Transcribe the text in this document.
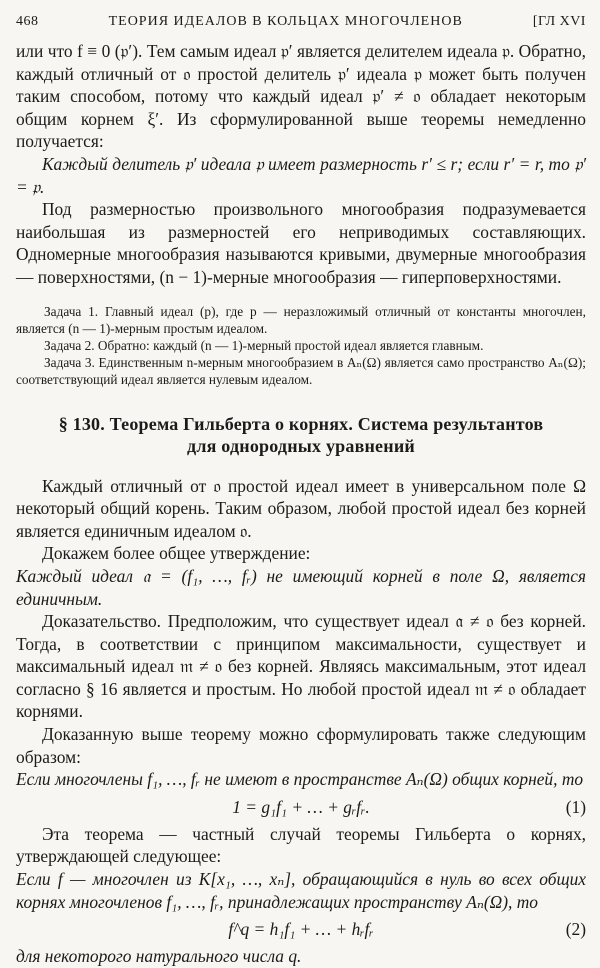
468	ТЕОРИЯ ИДЕАЛОВ В КОЛЬЦАХ МНОГОЧЛЕНОВ	[ГЛ XVI

или что f ≡ 0 (𝔭′). Тем самым идеал 𝔭′ является делителем идеала 𝔭. Обратно, каждый отличный от 𝔬 простой делитель 𝔭′ идеала 𝔭 может быть получен таким способом, потому что каждый идеал 𝔭′ ≠ 𝔬 обладает некоторым общим корнем ξ′. Из сформулированной выше теоремы немедленно получается:

Каждый делитель 𝔭′ идеала 𝔭 имеет размерность r′ ≤ r; если r′ = r, то 𝔭′ = 𝔭.

Под размерностью произвольного многообразия подразумевается наибольшая из размерностей его неприводимых составляющих. Одномерные многообразия называются кривыми, двумерные многообразия — поверхностями, (n − 1)-мерные многообразия — гиперповерхностями.

Задача 1. Главный идеал (p), где p — неразложимый отличный от константы многочлен, является (n — 1)-мерным простым идеалом.

Задача 2. Обратно: каждый (n — 1)-мерный простой идеал является главным.

Задача 3. Единственным n-мерным многообразием в Aₙ(Ω) является само пространство Aₙ(Ω); соответствующий идеал является нулевым идеалом.

§ 130. Теорема Гильберта о корнях. Система результантов
для однородных уравнений

Каждый отличный от 𝔬 простой идеал имеет в универсальном поле Ω некоторый общий корень. Таким образом, любой простой идеал без корней является единичным идеалом 𝔬.

Докажем более общее утверждение:

Каждый идеал 𝔞 = (f₁, …, fᵣ) не имеющий корней в поле Ω, является единичным.

Доказательство. Предположим, что существует идеал 𝔞 ≠ 𝔬 без корней. Тогда, в соответствии с принципом максимальности, существует и максимальный идеал 𝔪 ≠ 𝔬 без корней. Являясь максимальным, этот идеал согласно § 16 является и простым. Но любой простой идеал 𝔪 ≠ 𝔬 обладает корнями.

Доказанную выше теорему можно сформулировать также следующим образом:

Если многочлены f₁, …, fᵣ не имеют в пространстве Aₙ(Ω) общих корней, то

1 = g₁f₁ + … + gᵣfᵣ.	(1)

Эта теорема — частный случай теоремы Гильберта о корнях, утверждающей следующее:

Если f — многочлен из K[x₁, …, xₙ], обращающийся в нуль во всех общих корнях многочленов f₁, …, fᵣ, принадлежащих пространству Aₙ(Ω), то

f^q = h₁f₁ + … + hᵣfᵣ	(2)

для некоторого натурального числа q.
